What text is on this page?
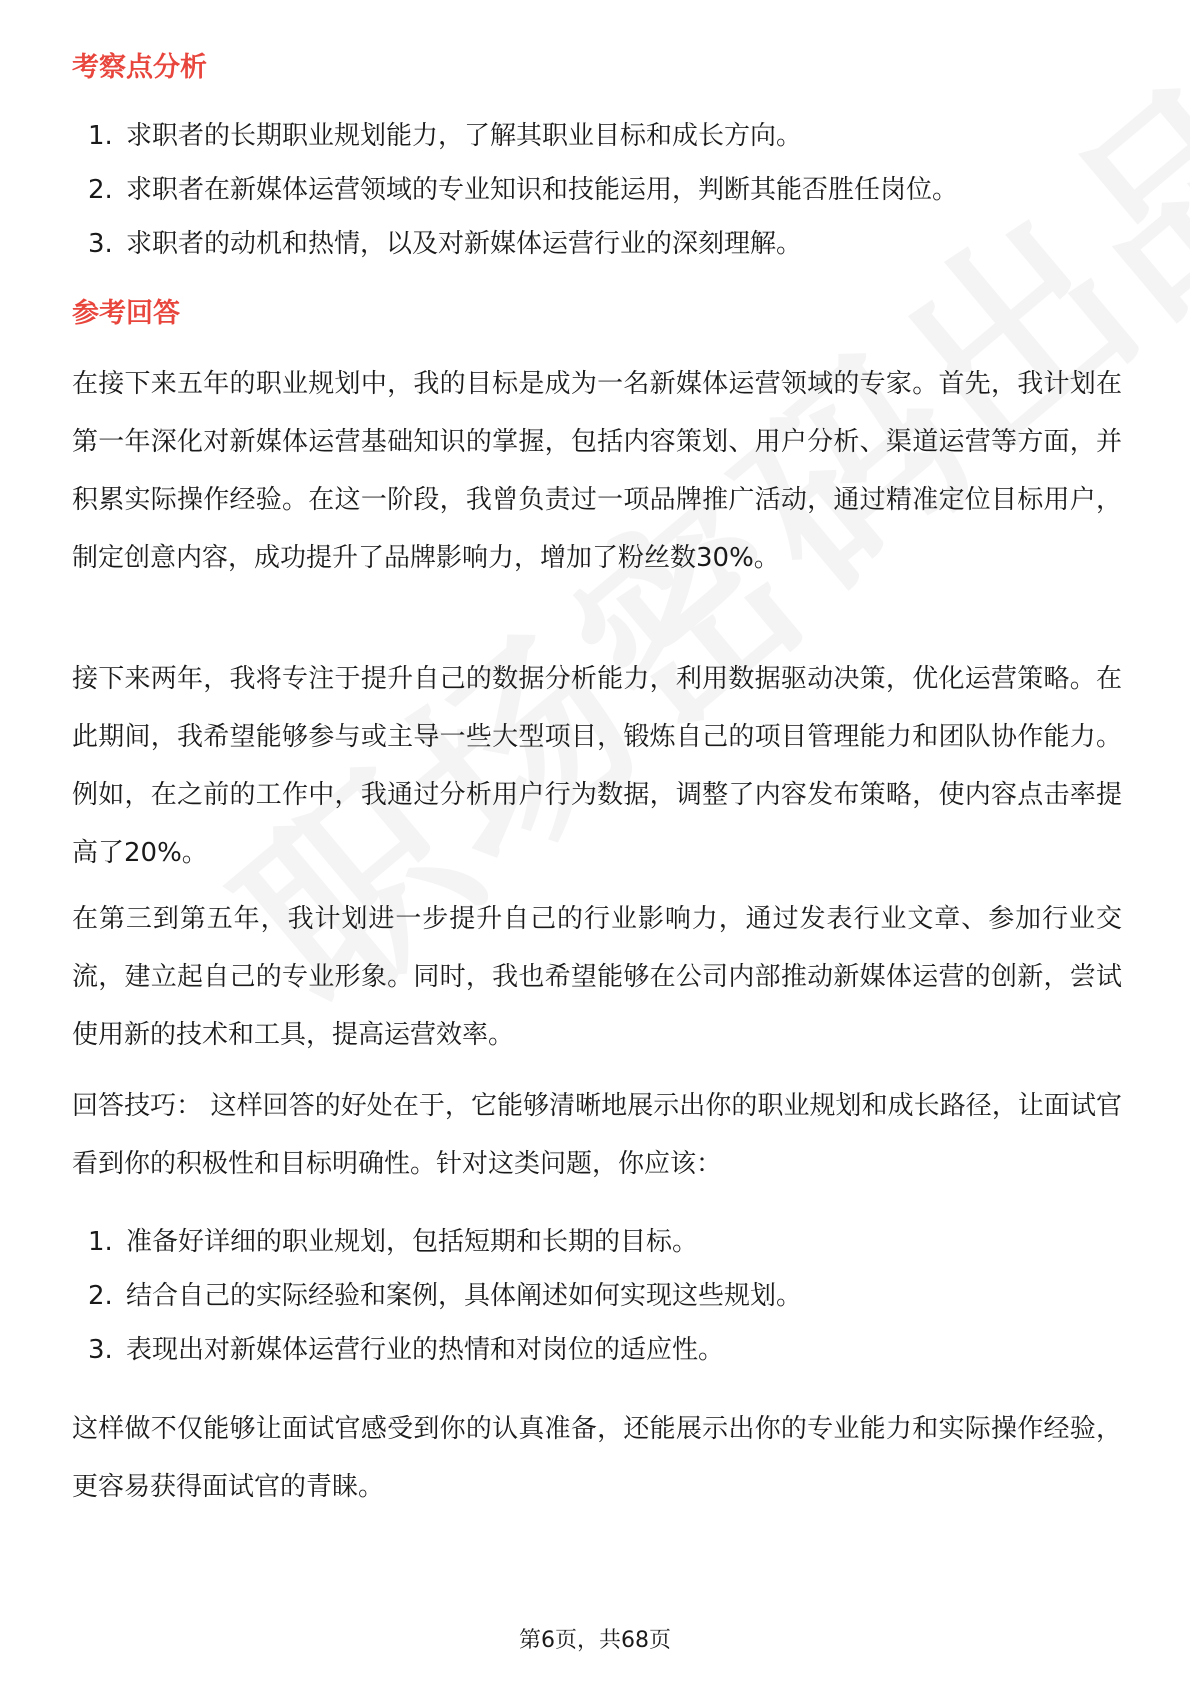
考察点分析
1. 求职者的长期职业规划能力，了解其职业目标和成长方向。
2. 求职者在新媒体运营领域的专业知识和技能运用，判断其能否胜任岗位。
3. 求职者的动机和热情，以及对新媒体运营行业的深刻理解。
参考回答
在接下来五年的职业规划中，我的目标是成为一名新媒体运营领域的专家。首先，我计划在第一年深化对新媒体运营基础知识的掌握，包括内容策划、用户分析、渠道运营等方面，并积累实际操作经验。在这一阶段，我曾负责过一项品牌推广活动，通过精准定位目标用户，制定创意内容，成功提升了品牌影响力，增加了粉丝数30%。
接下来两年，我将专注于提升自己的数据分析能力，利用数据驱动决策，优化运营策略。在此期间，我希望能够参与或主导一些大型项目，锻炼自己的项目管理能力和团队协作能力。例如，在之前的工作中，我通过分析用户行为数据，调整了内容发布策略，使内容点击率提高了20%。
在第三到第五年，我计划进一步提升自己的行业影响力，通过发表行业文章、参加行业交流，建立起自己的专业形象。同时，我也希望能够在公司内部推动新媒体运营的创新，尝试使用新的技术和工具，提高运营效率。
回答技巧： 这样回答的好处在于，它能够清晰地展示出你的职业规划和成长路径，让面试官看到你的积极性和目标明确性。针对这类问题，你应该：
1. 准备好详细的职业规划，包括短期和长期的目标。
2. 结合自己的实际经验和案例，具体阐述如何实现这些规划。
3. 表现出对新媒体运营行业的热情和对岗位的适应性。
这样做不仅能够让面试官感受到你的认真准备，还能展示出你的专业能力和实际操作经验，更容易获得面试官的青睐。
第6页，共68页
